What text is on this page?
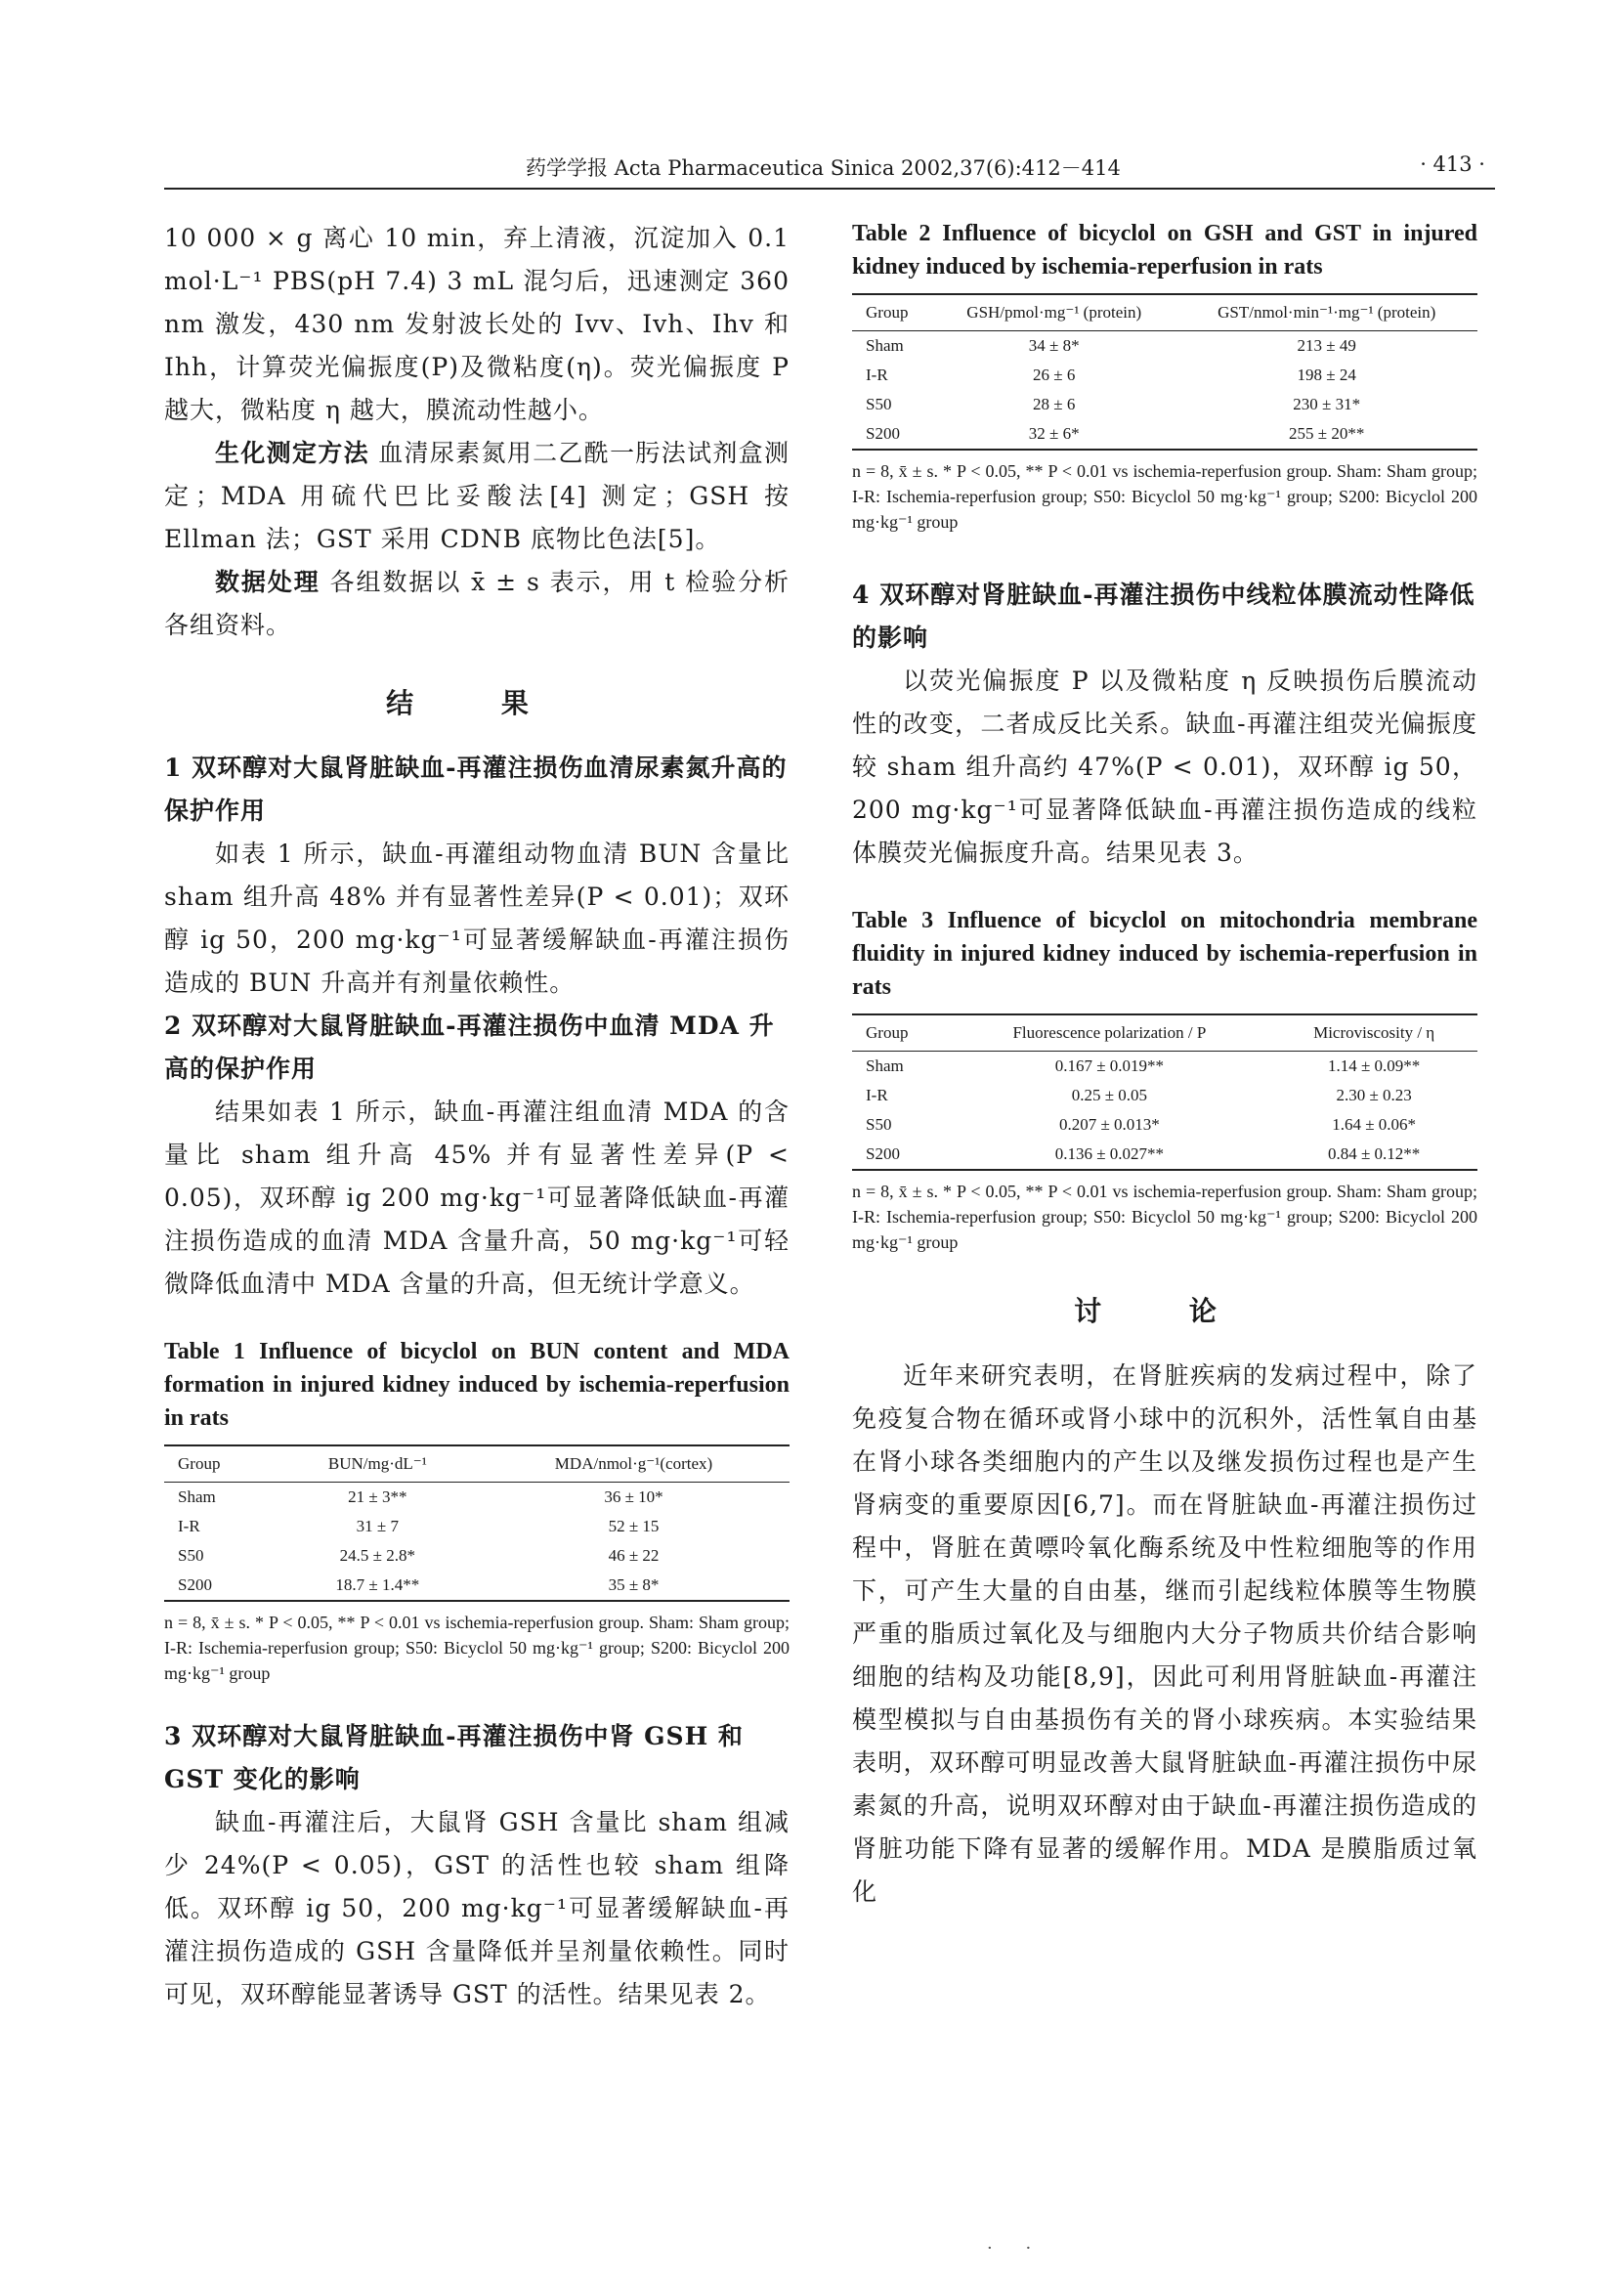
药学学报 Acta Pharmaceutica Sinica 2002,37(6):412－414	· 413 ·

10 000 × g 离心 10 min，弃上清液，沉淀加入 0.1 mol·L⁻¹ PBS(pH 7.4) 3 mL 混匀后，迅速测定 360 nm 激发，430 nm 发射波长处的 Ivv、Ivh、Ihv 和 Ihh，计算荧光偏振度(P)及微粘度(η)。荧光偏振度 P 越大，微粘度 η 越大，膜流动性越小。

生化测定方法 血清尿素氮用二乙酰一肟法试剂盒测定；MDA 用硫代巴比妥酸法[4] 测定；GSH 按 Ellman 法；GST 采用 CDNB 底物比色法[5]。

数据处理 各组数据以 x̄ ± s 表示，用 t 检验分析各组资料。

结 果

1 双环醇对大鼠肾脏缺血-再灌注损伤血清尿素氮升高的保护作用

如表 1 所示，缺血-再灌组动物血清 BUN 含量比 sham 组升高 48% 并有显著性差异(P < 0.01)；双环醇 ig 50，200 mg·kg⁻¹可显著缓解缺血-再灌注损伤造成的 BUN 升高并有剂量依赖性。

2 双环醇对大鼠肾脏缺血-再灌注损伤中血清 MDA 升高的保护作用

结果如表 1 所示，缺血-再灌注组血清 MDA 的含量比 sham 组升高 45% 并有显著性差异(P < 0.05)，双环醇 ig 200 mg·kg⁻¹可显著降低缺血-再灌注损伤造成的血清 MDA 含量升高，50 mg·kg⁻¹可轻微降低血清中 MDA 含量的升高，但无统计学意义。

Table 1 Influence of bicyclol on BUN content and MDA formation in injured kidney induced by ischemia-reperfusion in rats

Group	BUN/mg·dL⁻¹	MDA/nmol·g⁻¹(cortex)
Sham	21 ± 3**	36 ± 10*
I-R	31 ± 7	52 ± 15
S50	24.5 ± 2.8*	46 ± 22
S200	18.7 ± 1.4**	35 ± 8*

n = 8, x̄ ± s. * P < 0.05, ** P < 0.01 vs ischemia-reperfusion group. Sham: Sham group; I-R: Ischemia-reperfusion group; S50: Bicyclol 50 mg·kg⁻¹ group; S200: Bicyclol 200 mg·kg⁻¹ group

3 双环醇对大鼠肾脏缺血-再灌注损伤中肾 GSH 和 GST 变化的影响

缺血-再灌注后，大鼠肾 GSH 含量比 sham 组减少 24%(P < 0.05)，GST 的活性也较 sham 组降低。双环醇 ig 50，200 mg·kg⁻¹可显著缓解缺血-再灌注损伤造成的 GSH 含量降低并呈剂量依赖性。同时可见，双环醇能显著诱导 GST 的活性。结果见表 2。

Table 2 Influence of bicyclol on GSH and GST in injured kidney induced by ischemia-reperfusion in rats

Group	GSH/pmol·mg⁻¹ (protein)	GST/nmol·min⁻¹·mg⁻¹ (protein)
Sham	34 ± 8*	213 ± 49
I-R	26 ± 6	198 ± 24
S50	28 ± 6	230 ± 31*
S200	32 ± 6*	255 ± 20**

n = 8, x̄ ± s. * P < 0.05, ** P < 0.01 vs ischemia-reperfusion group. Sham: Sham group; I-R: Ischemia-reperfusion group; S50: Bicyclol 50 mg·kg⁻¹ group; S200: Bicyclol 200 mg·kg⁻¹ group

4 双环醇对肾脏缺血-再灌注损伤中线粒体膜流动性降低的影响

以荧光偏振度 P 以及微粘度 η 反映损伤后膜流动性的改变，二者成反比关系。缺血-再灌注组荧光偏振度较 sham 组升高约 47%(P < 0.01)，双环醇 ig 50，200 mg·kg⁻¹可显著降低缺血-再灌注损伤造成的线粒体膜荧光偏振度升高。结果见表 3。

Table 3 Influence of bicyclol on mitochondria membrane fluidity in injured kidney induced by ischemia-reperfusion in rats

Group	Fluorescence polarization / P	Microviscosity / η
Sham	0.167 ± 0.019**	1.14 ± 0.09**
I-R	0.25 ± 0.05	2.30 ± 0.23
S50	0.207 ± 0.013*	1.64 ± 0.06*
S200	0.136 ± 0.027**	0.84 ± 0.12**

n = 8, x̄ ± s. * P < 0.05, ** P < 0.01 vs ischemia-reperfusion group. Sham: Sham group; I-R: Ischemia-reperfusion group; S50: Bicyclol 50 mg·kg⁻¹ group; S200: Bicyclol 200 mg·kg⁻¹ group

讨 论

近年来研究表明，在肾脏疾病的发病过程中，除了免疫复合物在循环或肾小球中的沉积外，活性氧自由基在肾小球各类细胞内的产生以及继发损伤过程也是产生肾病变的重要原因[6,7]。而在肾脏缺血-再灌注损伤过程中，肾脏在黄嘌呤氧化酶系统及中性粒细胞等的作用下，可产生大量的自由基，继而引起线粒体膜等生物膜严重的脂质过氧化及与细胞内大分子物质共价结合影响细胞的结构及功能[8,9]，因此可利用肾脏缺血-再灌注模型模拟与自由基损伤有关的肾小球疾病。本实验结果表明，双环醇可明显改善大鼠肾脏缺血-再灌注损伤中尿素氮的升高，说明双环醇对由于缺血-再灌注损伤造成的肾脏功能下降有显著的缓解作用。MDA 是膜脂质过氧化

· ·
